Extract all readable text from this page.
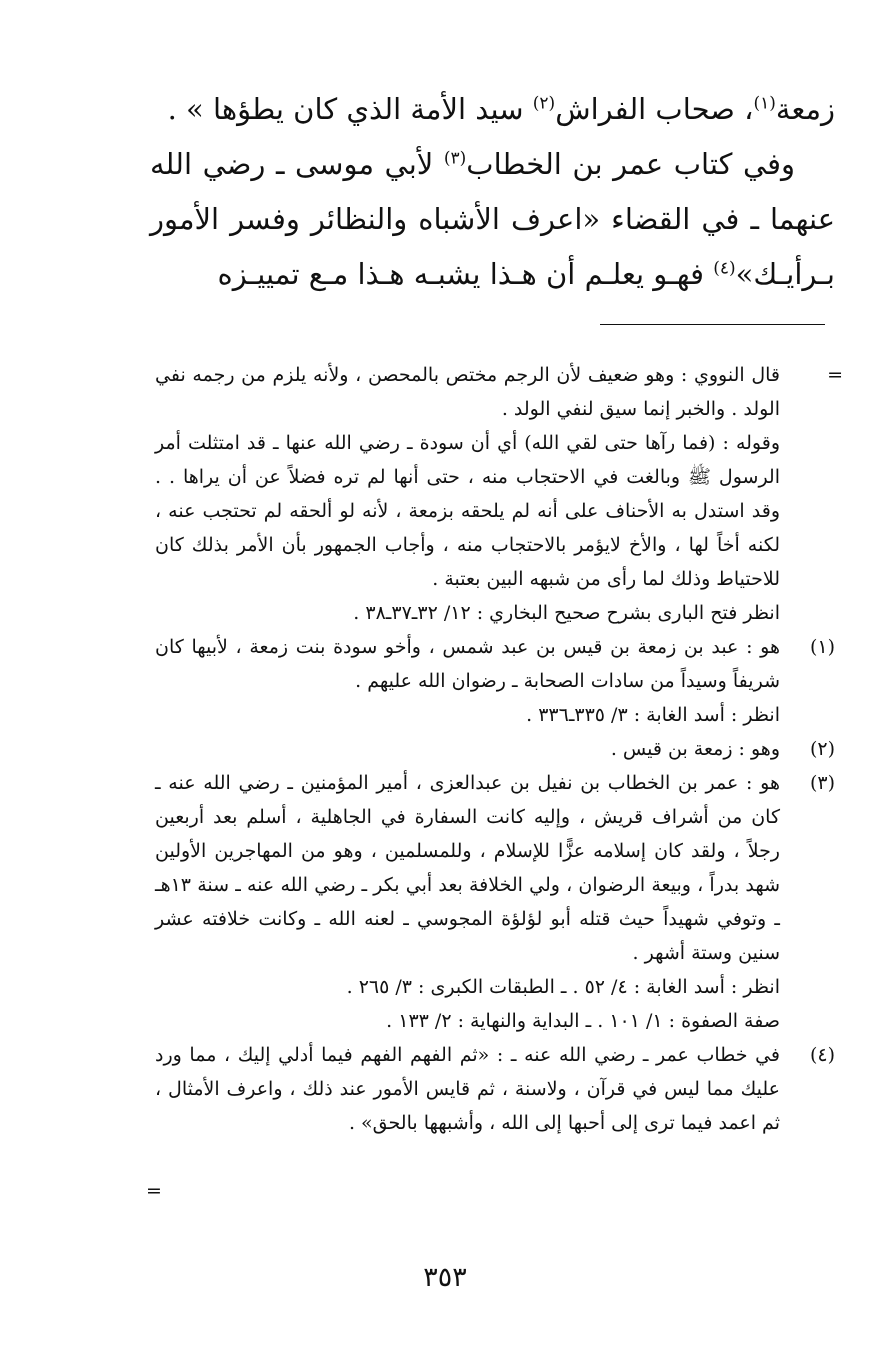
زمعة$^{(١)}$، صحاب الفراش$^{(٢)}$ سيد الأمة الذي كان يطؤها » .

وفي كتاب عمر بن الخطاب$^{(٣)}$ لأبي موسى ـ رضي الله عنهما ـ في القضاء «اعرف الأشباه والنظائر وفسر الأمور بـرأيـك»$^{(٤)}$ فهـو يعلـم أن هـذا يشبـه هـذا مـع تمييـزه

=

قال النووي : وهو ضعيف لأن الرجم مختص بالمحصن ، ولأنه يلزم من رجمه نفي الولد . والخبر إنما سيق لنفي الولد .

وقوله : (فما رآها حتى لقي الله) أي أن سودة ـ رضي الله عنها ـ قد امتثلت أمر الرسول ﷺ وبالغت في الاحتجاب منه ، حتى أنها لم تره فضلاً عن أن يراها . . وقد استدل به الأحناف على أنه لم يلحقه بزمعة ، لأنه لو ألحقه لم تحتجب عنه ، لكنه أخاً لها ، والأخ لايؤمر بالاحتجاب منه ، وأجاب الجمهور بأن الأمر بذلك كان للاحتياط وذلك لما رأى من شبهه البين بعتبة .

انظر فتح البارى بشرح صحيح البخاري : ١٢/ ٣٢ـ٣٧ـ٣٨ .

(١)

هو : عبد بن زمعة بن قيس بن عبد شمس ، وأخو سودة بنت زمعة ، لأبيها كان شريفاً وسيداً من سادات الصحابة ـ رضوان الله عليهم .

انظر : أسد الغابة : ٣/ ٣٣٥ـ٣٣٦ .

(٢)

وهو : زمعة بن قيس .

(٣)

هو : عمر بن الخطاب بن نفيل بن عبدالعزى ، أمير المؤمنين ـ رضي الله عنه ـ كان من أشراف قريش ، وإليه كانت السفارة في الجاهلية ، أسلم بعد أربعين رجلاً ، ولقد كان إسلامه عزًّا للإسلام ، وللمسلمين ، وهو من المهاجرين الأولين شهد بدراً ، وبيعة الرضوان ، ولي الخلافة بعد أبي بكر ـ رضي الله عنه ـ سنة ١٣هـ ـ وتوفي شهيداً حيث قتله أبو لؤلؤة المجوسي ـ لعنه الله ـ وكانت خلافته عشر سنين وستة أشهر .

انظر : أسد الغابة : ٤/ ٥٢ . ـ الطبقات الكبرى : ٣/ ٢٦٥ .

صفة الصفوة : ١/ ١٠١ . ـ البداية والنهاية : ٢/ ١٣٣ .

(٤)

في خطاب عمر ـ رضي الله عنه ـ : «ثم الفهم الفهم فيما أدلي إليك ، مما ورد عليك مما ليس في قرآن ، ولاسنة ، ثم قايس الأمور عند ذلك ، واعرف الأمثال ، ثم اعمد فيما ترى إلى أحبها إلى الله ، وأشبهها بالحق» .

=
٣٥٣
